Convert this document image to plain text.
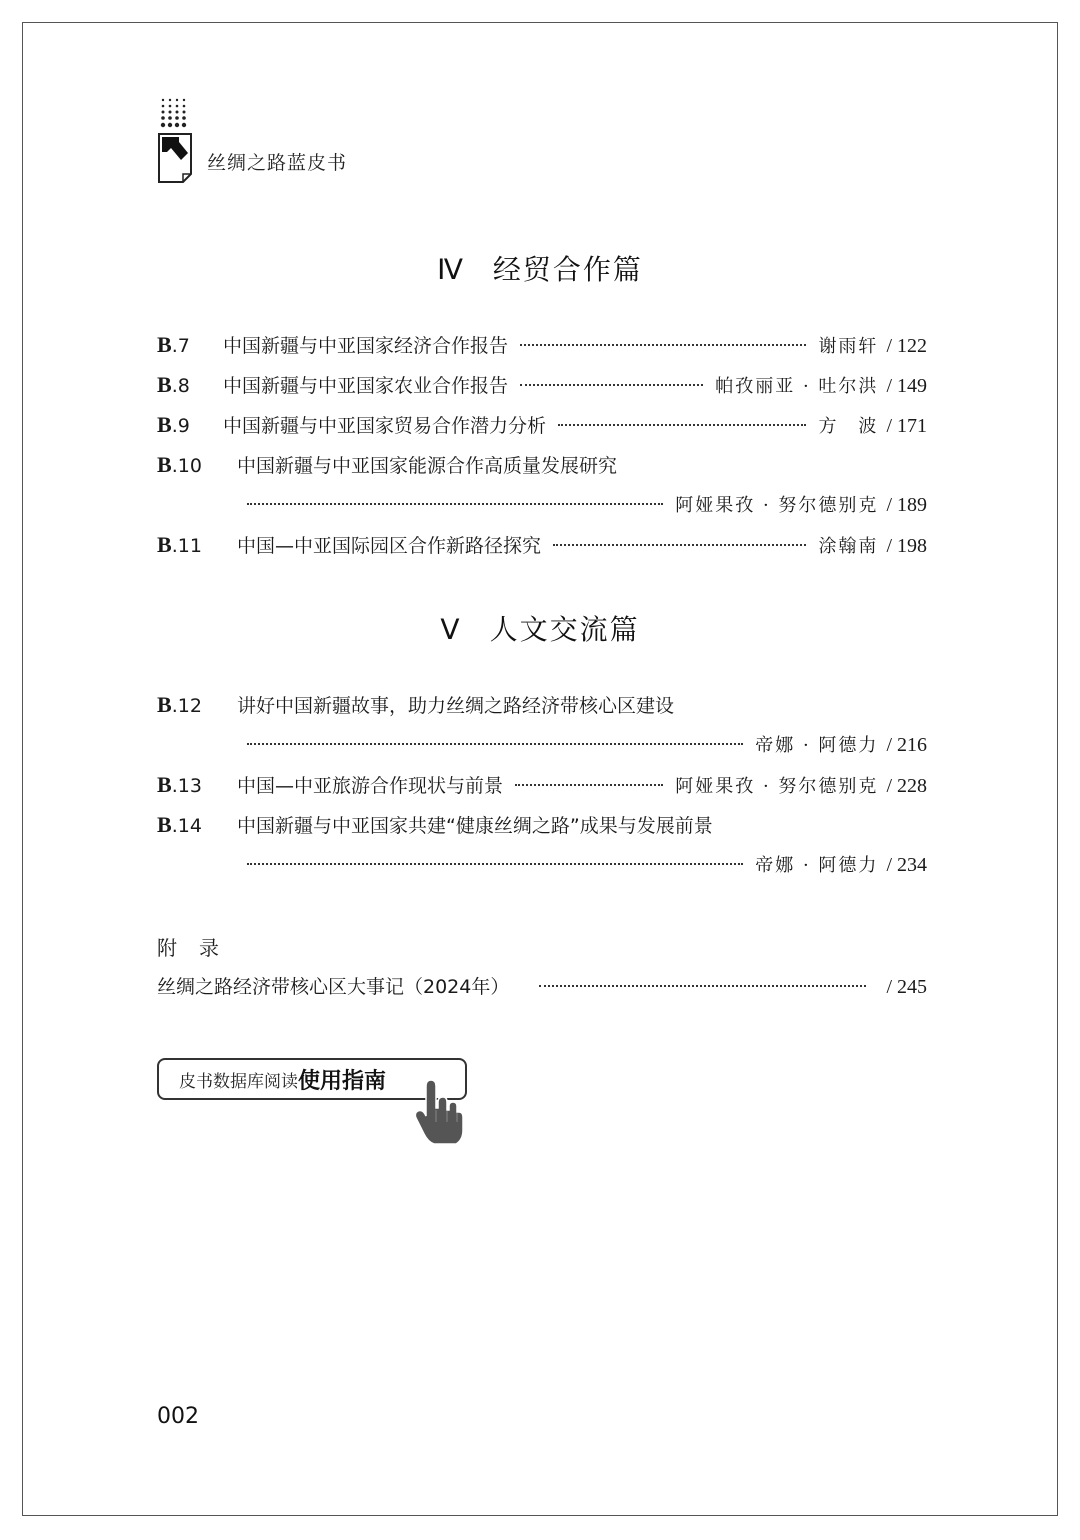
丝绸之路蓝皮书
Ⅳ 经贸合作篇
B.7	中国新疆与中亚国家经济合作报告	谢雨轩 / 122
B.8	中国新疆与中亚国家农业合作报告	帕孜丽亚 · 吐尔洪 / 149
B.9	中国新疆与中亚国家贸易合作潜力分析	方　波 / 171
B.10	中国新疆与中亚国家能源合作高质量发展研究
阿娅果孜 · 努尔德别克 / 189
B.11	中国—中亚国际园区合作新路径探究	涂翰南 / 198
Ⅴ 人文交流篇
B.12	讲好中国新疆故事，助力丝绸之路经济带核心区建设
帝娜 · 阿德力 / 216
B.13	中国—中亚旅游合作现状与前景	阿娅果孜 · 努尔德别克 / 228
B.14	中国新疆与中亚国家共建“健康丝绸之路”成果与发展前景
帝娜 · 阿德力 / 234
附录
丝绸之路经济带核心区大事记（2024年）	/ 245
皮书数据库阅读 使用指南
002
